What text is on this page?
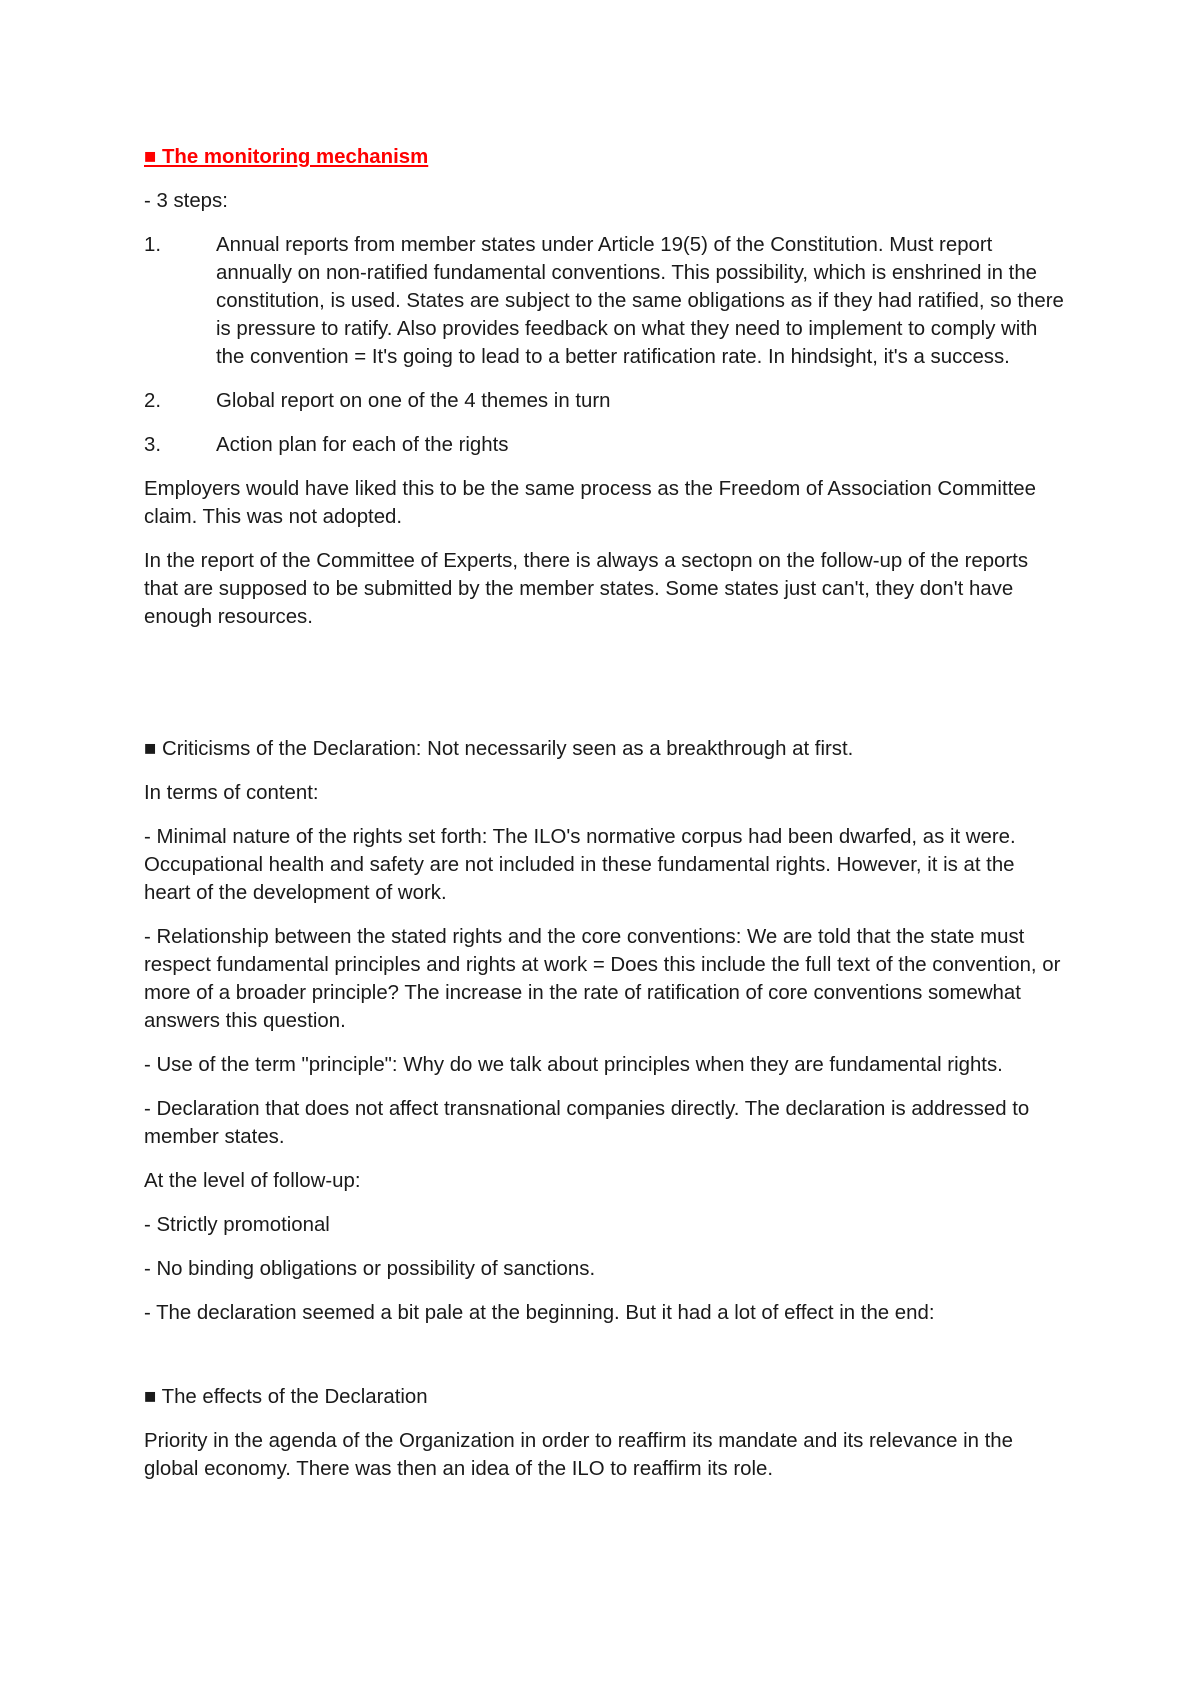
■ The monitoring mechanism

- 3 steps:

1.	Annual reports from member states under Article 19(5) of the Constitution. Must report annually on non-ratified fundamental conventions. This possibility, which is enshrined in the constitution, is used. States are subject to the same obligations as if they had ratified, so there is pressure to ratify. Also provides feedback on what they need to implement to comply with the convention = It's going to lead to a better ratification rate. In hindsight, it's a success.
2.	Global report on one of the 4 themes in turn
3.	Action plan for each of the rights

Employers would have liked this to be the same process as the Freedom of Association Committee claim. This was not adopted.

In the report of the Committee of Experts, there is always a sectopn on the follow-up of the reports that are supposed to be submitted by the member states. Some states just can't, they don't have enough resources.

■ Criticisms of the Declaration: Not necessarily seen as a breakthrough at first.

In terms of content:

- Minimal nature of the rights set forth: The ILO's normative corpus had been dwarfed, as it were. Occupational health and safety are not included in these fundamental rights. However, it is at the heart of the development of work.

- Relationship between the stated rights and the core conventions: We are told that the state must respect fundamental principles and rights at work = Does this include the full text of the convention, or more of a broader principle? The increase in the rate of ratification of core conventions somewhat answers this question.

- Use of the term "principle": Why do we talk about principles when they are fundamental rights.

- Declaration that does not affect transnational companies directly. The declaration is addressed to member states.

At the level of follow-up:

- Strictly promotional

- No binding obligations or possibility of sanctions.

- The declaration seemed a bit pale at the beginning. But it had a lot of effect in the end:

■ The effects of the Declaration

Priority in the agenda of the Organization in order to reaffirm its mandate and its relevance in the global economy. There was then an idea of the ILO to reaffirm its role.
